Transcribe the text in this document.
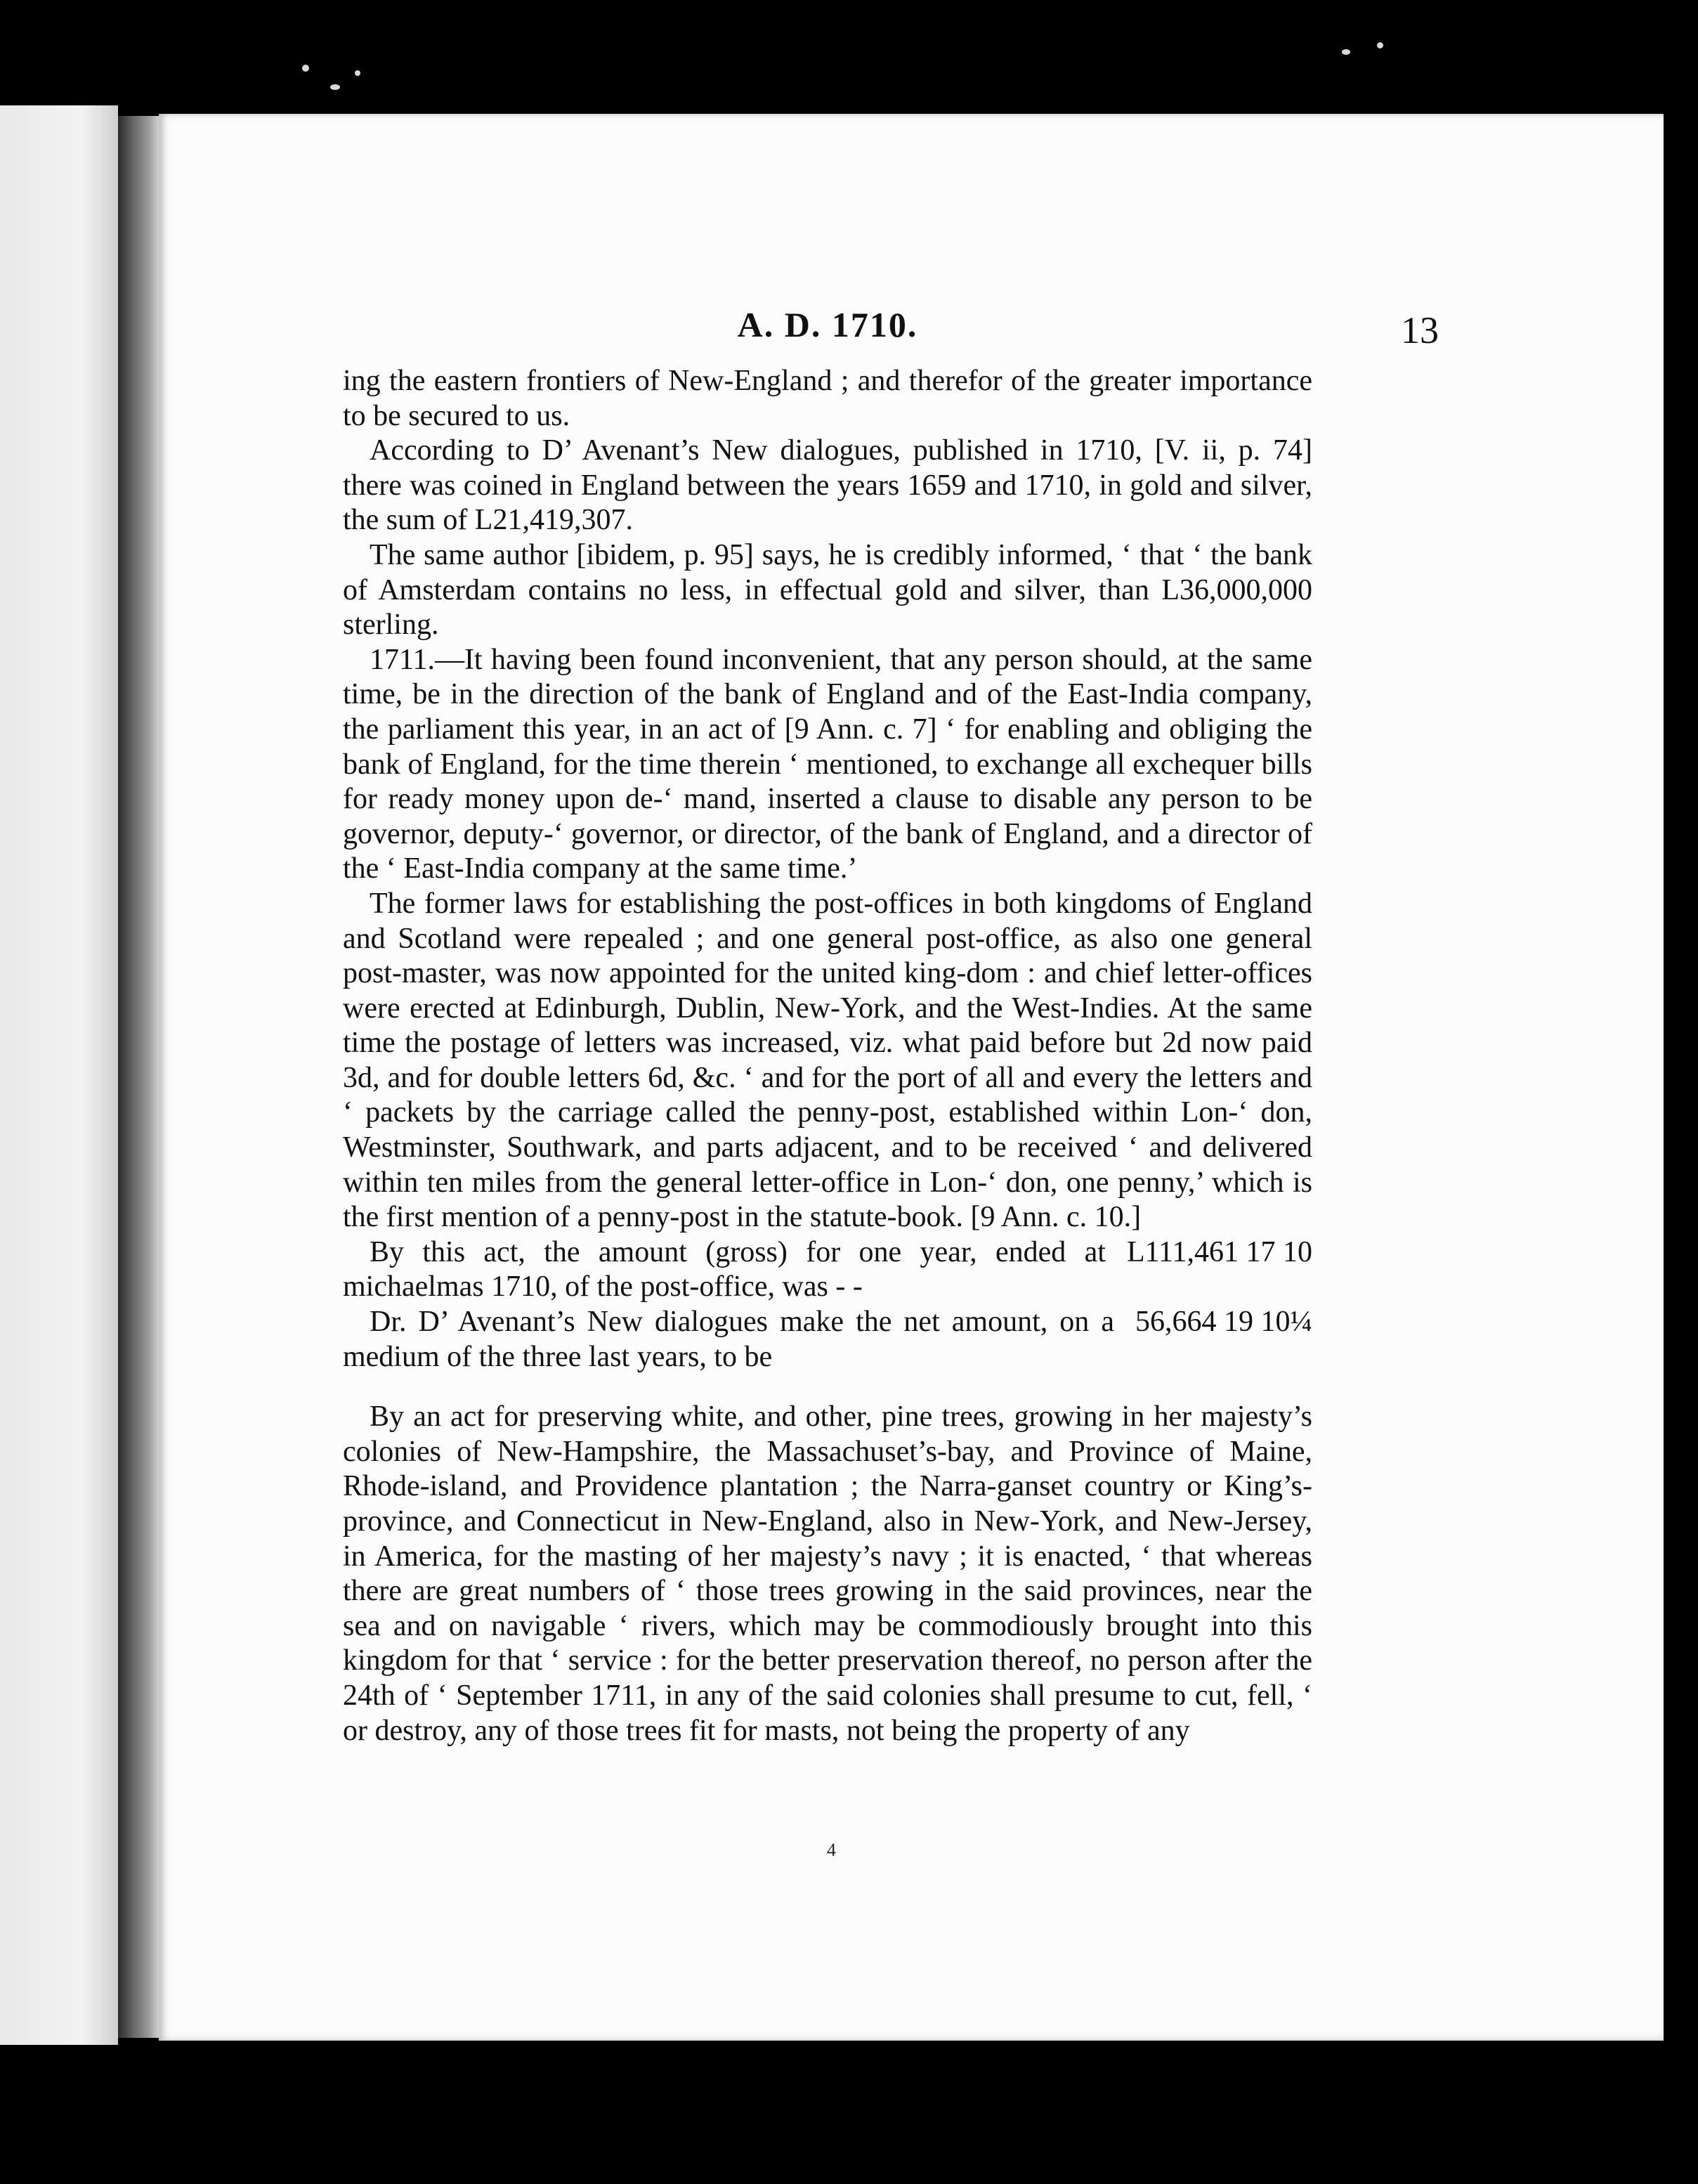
A. D. 1710.	13

ing the eastern frontiers of New-England ; and therefor of the greater importance to be secured to us.

According to D’ Avenant’s New dialogues, published in 1710, [V. ii, p. 74] there was coined in England between the years 1659 and 1710, in gold and silver, the sum of L21,419,307.

The same author [ibidem, p. 95] says, he is credibly informed, ‘ that ‘ the bank of Amsterdam contains no less, in effectual gold and silver, than L36,000,000 sterling.

1711.—It having been found inconvenient, that any person should, at the same time, be in the direction of the bank of England and of the East-India company, the parliament this year, in an act of [9 Ann. c. 7] ‘ for enabling and obliging the bank of England, for the time therein ‘ mentioned, to exchange all exchequer bills for ready money upon de-‘ mand, inserted a clause to disable any person to be governor, deputy-‘ governor, or director, of the bank of England, and a director of the ‘ East-India company at the same time.’

The former laws for establishing the post-offices in both kingdoms of England and Scotland were repealed ; and one general post-office, as also one general post-master, was now appointed for the united king-dom : and chief letter-offices were erected at Edinburgh, Dublin, New-York, and the West-Indies. At the same time the postage of letters was increased, viz. what paid before but 2d now paid 3d, and for double letters 6d, &c. ‘ and for the port of all and every the letters and ‘ packets by the carriage called the penny-post, established within Lon-‘ don, Westminster, Southwark, and parts adjacent, and to be received ‘ and delivered within ten miles from the general letter-office in Lon-‘ don, one penny,’ which is the first mention of a penny-post in the statute-book. [9 Ann. c. 10.]

By this act, the amount (gross) for one year, ended at michaelmas 1710, of the post-office, was - -

L111,461 17 10

Dr. D’ Avenant’s New dialogues make the net amount, on a medium of the three last years, to be

56,664 19 10¼

By an act for preserving white, and other, pine trees, growing in her majesty’s colonies of New-Hampshire, the Massachuset’s-bay, and Province of Maine, Rhode-island, and Providence plantation ; the Narra-ganset country or King’s-province, and Connecticut in New-England, also in New-York, and New-Jersey, in America, for the masting of her majesty’s navy ; it is enacted, ‘ that whereas there are great numbers of ‘ those trees growing in the said provinces, near the sea and on navigable ‘ rivers, which may be commodiously brought into this kingdom for that ‘ service : for the better preservation thereof, no person after the 24th of ‘ September 1711, in any of the said colonies shall presume to cut, fell, ‘ or destroy, any of those trees fit for masts, not being the property of any

4
